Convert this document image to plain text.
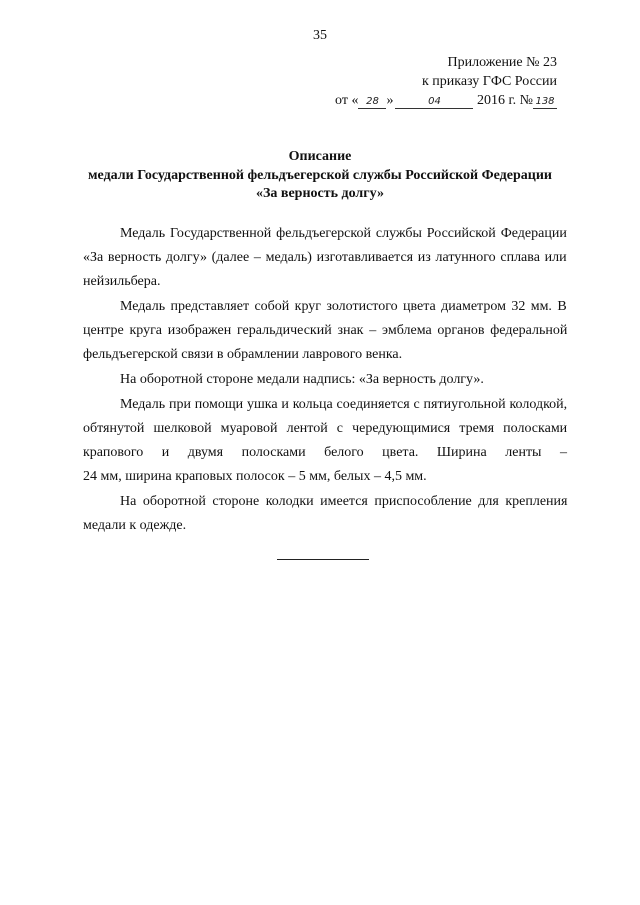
35
Приложение № 23
к приказу ГФС России
от « 28 »	04	2016 г. № 138
Описание
медали Государственной фельдъегерской службы Российской Федерации
«За верность долгу»
Медаль Государственной фельдъегерской службы Российской Федерации
«За верность долгу» (далее – медаль) изготавливается из латунного сплава или
нейзильбера.
Медаль представляет собой круг золотистого цвета диаметром 32 мм. В
центре круга изображен геральдический знак – эмблема органов федеральной
фельдъегерской связи в обрамлении лаврового венка.
На оборотной стороне медали надпись: «За верность долгу».
Медаль при помощи ушка и кольца соединяется с пятиугольной колодкой,
обтянутой шелковой муаровой лентой с чередующимися тремя полосками
крапового и двумя полосками белого цвета. Ширина ленты –
24 мм, ширина краповых полосок – 5 мм, белых – 4,5 мм.
На оборотной стороне колодки имеется приспособление для крепления
медали к одежде.
